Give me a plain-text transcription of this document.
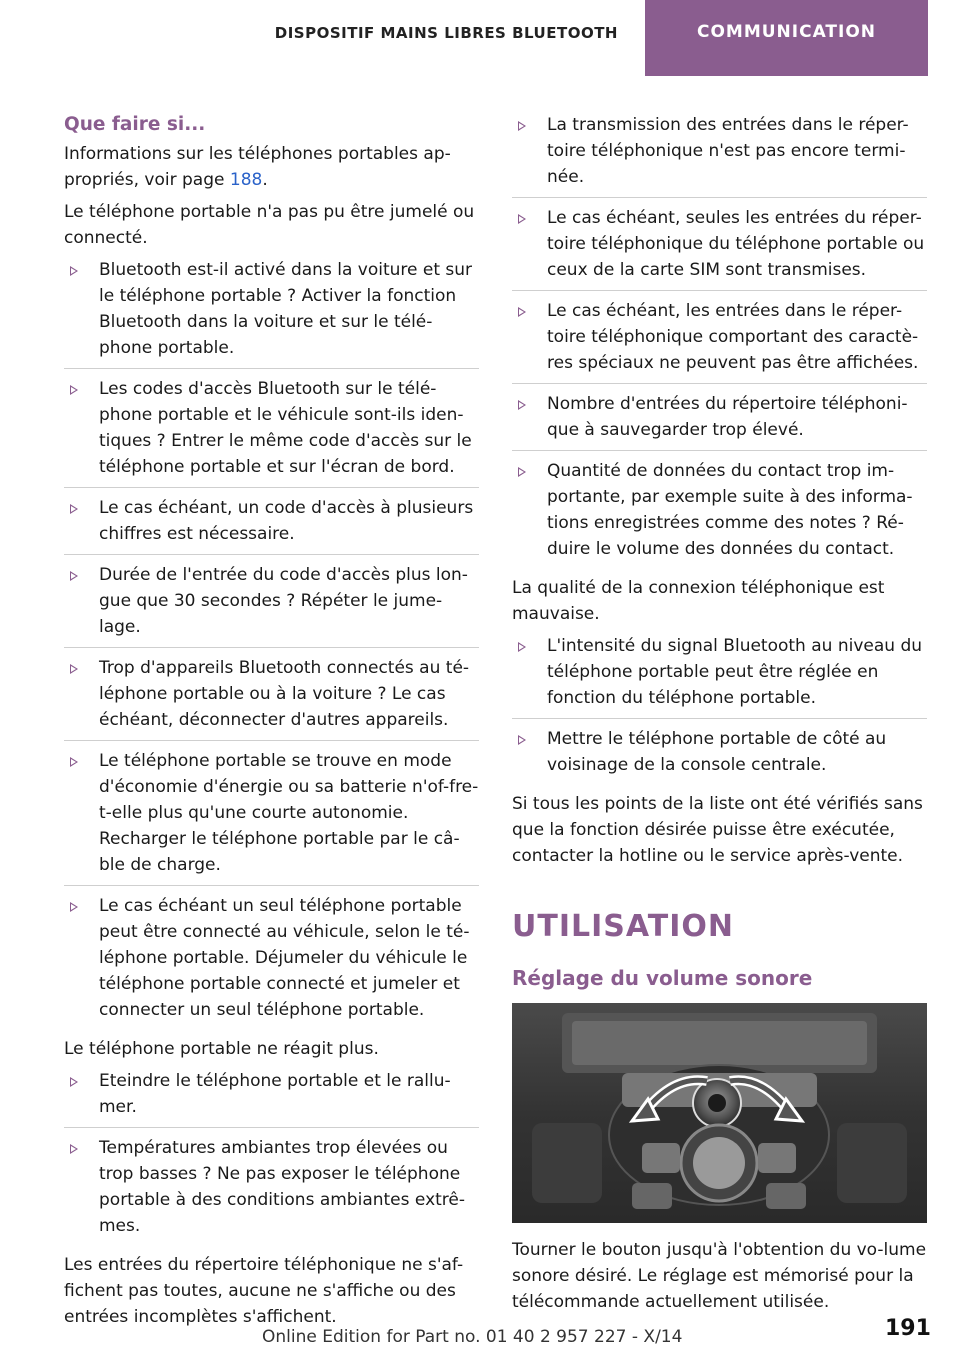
DISPOSITIF MAINS LIBRES BLUETOOTH	COMMUNICATION
Que faire si...
Informations sur les téléphones portables ap-propriés, voir page 188.
Le téléphone portable n'a pas pu être jumelé ou connecté.
Bluetooth est-il activé dans la voiture et sur le téléphone portable ? Activer la fonction Bluetooth dans la voiture et sur le télé-phone portable.
Les codes d'accès Bluetooth sur le télé-phone portable et le véhicule sont-ils iden-tiques ? Entrer le même code d'accès sur le téléphone portable et sur l'écran de bord.
Le cas échéant, un code d'accès à plusieurs chiffres est nécessaire.
Durée de l'entrée du code d'accès plus lon-gue que 30 secondes ? Répéter le jume-lage.
Trop d'appareils Bluetooth connectés au té-léphone portable ou à la voiture ? Le cas échéant, déconnecter d'autres appareils.
Le téléphone portable se trouve en mode d'économie d'énergie ou sa batterie n'of-fre-t-elle plus qu'une courte autonomie. Recharger le téléphone portable par le câ-ble de charge.
Le cas échéant un seul téléphone portable peut être connecté au véhicule, selon le té-léphone portable. Déjumeler du véhicule le téléphone portable connecté et jumeler et connecter un seul téléphone portable.
Le téléphone portable ne réagit plus.
Eteindre le téléphone portable et le rallu-mer.
Températures ambiantes trop élevées ou trop basses ? Ne pas exposer le téléphone portable à des conditions ambiantes extrê-mes.
Les entrées du répertoire téléphonique ne s'af-fichent pas toutes, aucune ne s'affiche ou des entrées incomplètes s'affichent.
La transmission des entrées dans le réper-toire téléphonique n'est pas encore termi-née.
Le cas échéant, seules les entrées du réper-toire téléphonique du téléphone portable ou ceux de la carte SIM sont transmises.
Le cas échéant, les entrées dans le réper-toire téléphonique comportant des caractè-res spéciaux ne peuvent pas être affichées.
Nombre d'entrées du répertoire téléphoni-que à sauvegarder trop élevé.
Quantité de données du contact trop im-portante, par exemple suite à des informa-tions enregistrées comme des notes ? Ré-duire le volume des données du contact.
La qualité de la connexion téléphonique est mauvaise.
L'intensité du signal Bluetooth au niveau du téléphone portable peut être réglée en fonction du téléphone portable.
Mettre le téléphone portable de côté au voisinage de la console centrale.
Si tous les points de la liste ont été vérifiés sans que la fonction désirée puisse être exécutée, contacter la hotline ou le service après-vente.
UTILISATION
Réglage du volume sonore
Tourner le bouton jusqu'à l'obtention du vo-lume sonore désiré. Le réglage est mémorisé pour la télécommande actuellement utilisée.
Online Edition for Part no. 01 40 2 957 227 - X/14	191
